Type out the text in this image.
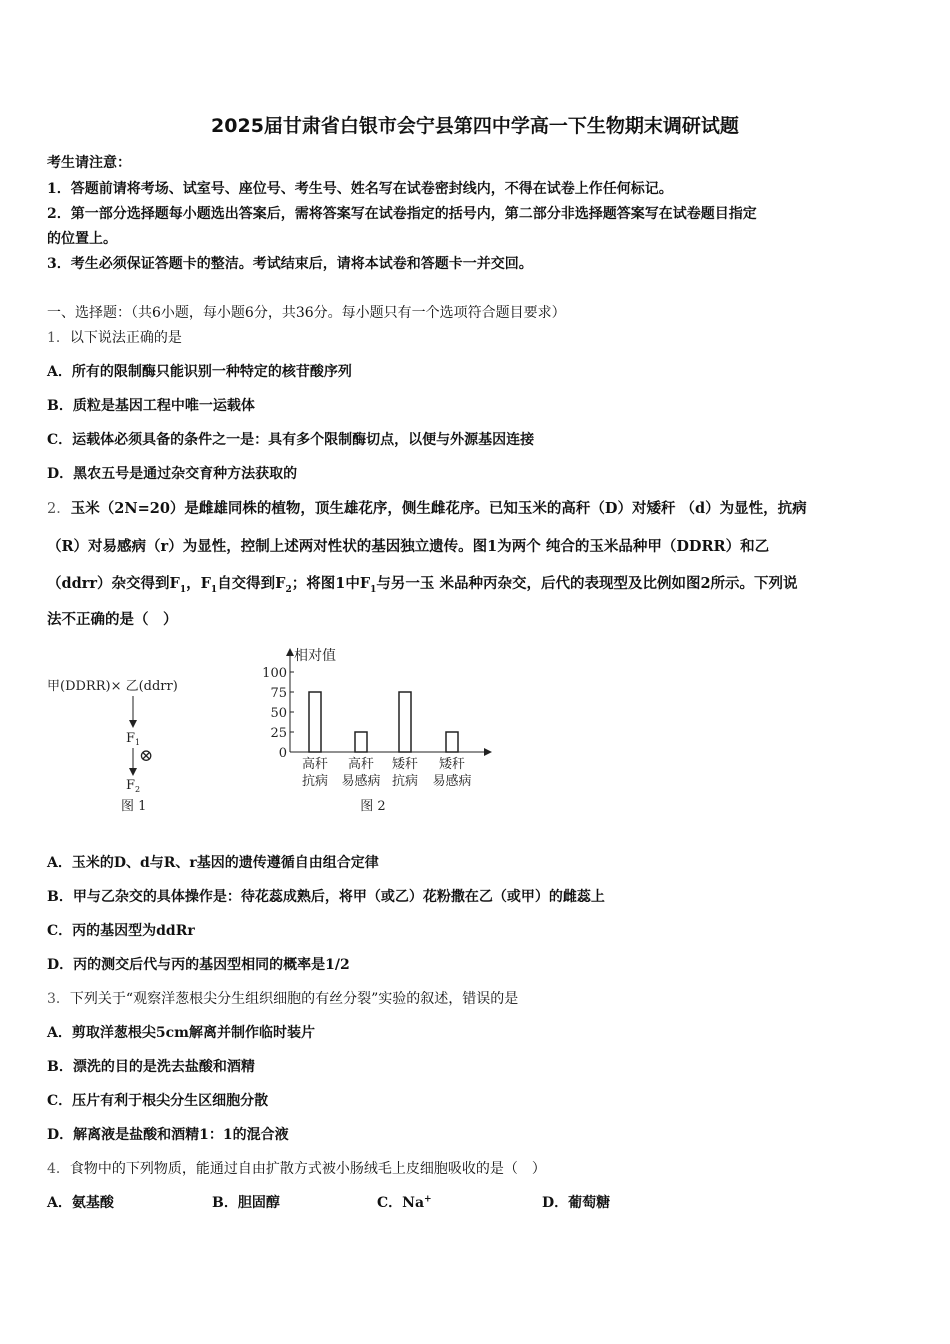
2025届甘肃省白银市会宁县第四中学高一下生物期末调研试题
考生请注意：
1．答题前请将考场、试室号、座位号、考生号、姓名写在试卷密封线内，不得在试卷上作任何标记。
2．第一部分选择题每小题选出答案后，需将答案写在试卷指定的括号内，第二部分非选择题答案写在试卷题目指定
的位置上。
3．考生必须保证答题卡的整洁。考试结束后，请将本试卷和答题卡一并交回。
一、选择题：（共6小题，每小题6分，共36分。每小题只有一个选项符合题目要求）
1．以下说法正确的是
A．所有的限制酶只能识别一种特定的核苷酸序列
B．质粒是基因工程中唯一运载体
C．运载体必须具备的条件之一是：具有多个限制酶切点，以便与外源基因连接
D．黑农五号是通过杂交育种方法获取的
2．玉米（2N=20）是雌雄同株的植物，顶生雄花序，侧生雌花序。已知玉米的高秆（D）对矮秆 （d）为显性，抗病
（R）对易感病（r）为显性，控制上述两对性状的基因独立遗传。图1为两个 纯合的玉米品种甲（DDRR）和乙
（ddrr）杂交得到$F_1$，$F_1$自交得到$F_2$；将图1中$F_1$与另一玉 米品种丙杂交，后代的表现型及比例如图2所示。下列说
法不正确的是（　）
甲(DDRR)× 乙(ddrr)
$F_1$
⊗
$F_2$
图 1
相对值
0
25
50
75
100
高秆
抗病
高秆
易感病
矮秆
抗病
矮秆
易感病
图 2
A．玉米的D、d与R、r基因的遗传遵循自由组合定律
B．甲与乙杂交的具体操作是：待花蕊成熟后，将甲（或乙）花粉撒在乙（或甲）的雌蕊上
C．丙的基因型为ddRr
D．丙的测交后代与丙的基因型相同的概率是1/2
3．下列关于“观察洋葱根尖分生组织细胞的有丝分裂”实验的叙述，错误的是
A．剪取洋葱根尖5cm解离并制作临时装片
B．漂洗的目的是洗去盐酸和酒精
C．压片有利于根尖分生区细胞分散
D．解离液是盐酸和酒精1：1的混合液
4．食物中的下列物质，能通过自由扩散方式被小肠绒毛上皮细胞吸收的是（　）
A．氨基酸	B．胆固醇	C．Na+	D．葡萄糖
